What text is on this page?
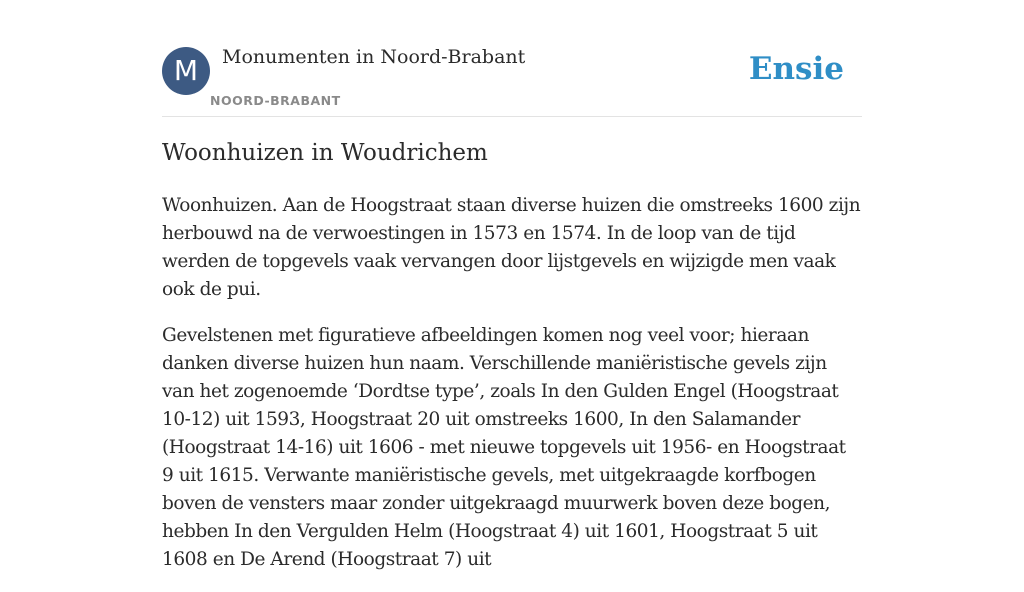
M	Monumenten in Noord-Brabant
NOORD-BRABANT
Ensie
Woonhuizen in Woudrichem

Woonhuizen. Aan de Hoogstraat staan diverse huizen die omstreeks 1600 zijn herbouwd na de verwoestingen in 1573 en 1574. In de loop van de tijd werden de topgevels vaak vervangen door lijstgevels en wijzigde men vaak ook de pui.

Gevelstenen met figuratieve afbeeldingen komen nog veel voor; hieraan danken diverse huizen hun naam. Verschillende maniëristische gevels zijn van het zogenoemde ‘Dordtse type’, zoals In den Gulden Engel (Hoogstraat 10-12) uit 1593, Hoogstraat 20 uit omstreeks 1600, In den Salamander (Hoogstraat 14-16) uit 1606 - met nieuwe topgevels uit 1956- en Hoogstraat 9 uit 1615. Verwante maniëristische gevels, met uitgekraagde korfbogen boven de vensters maar zonder uitgekraagd muurwerk boven deze bogen, hebben In den Vergulden Helm (Hoogstraat 4) uit 1601, Hoogstraat 5 uit 1608 en De Arend (Hoogstraat 7) uit
